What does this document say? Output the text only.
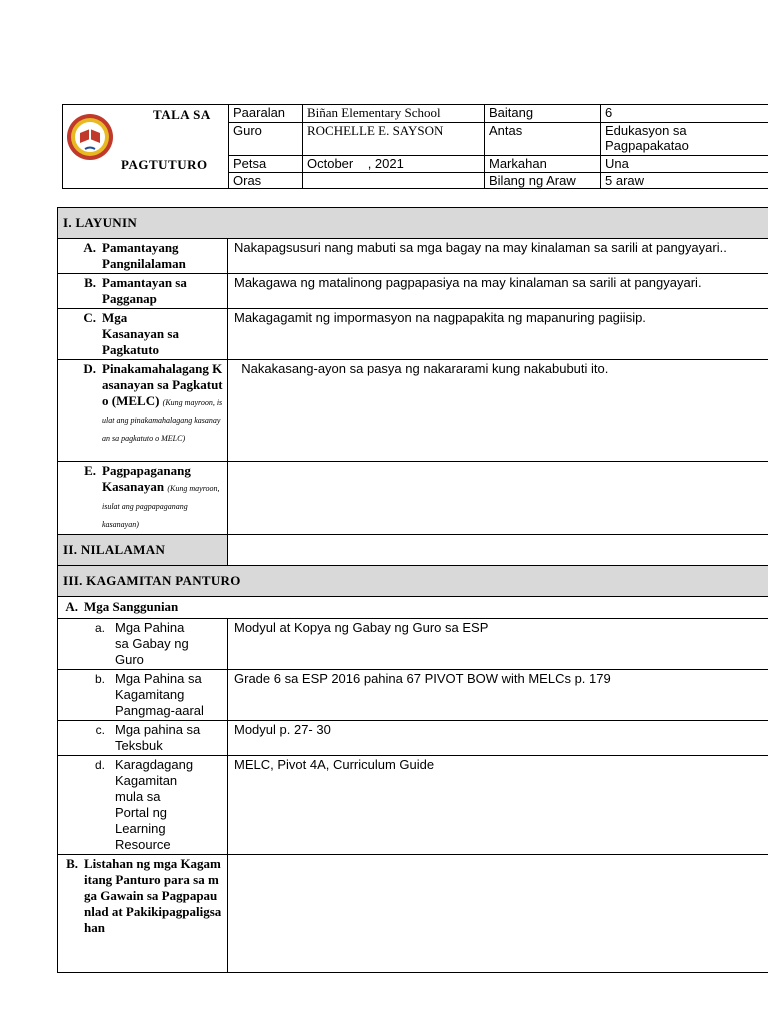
TALA SA
PAGTUTURO	Paaralan	Biñan Elementary School	Baitang	6
	Guro	ROCHELLE E. SAYSON	Antas	Edukasyon sa Pagpapakatao
	Petsa	October    , 2021	Markahan	Una
	Oras		Bilang ng Araw	5 araw
I. LAYUNIN	

A. Pamantayang Pangnilalaman	Nakapagsusuri nang mabuti sa mga bagay na may kinalaman sa sarili at pangyayari..

B. Pamantayan sa Pagganap	Makagawa ng matalinong pagpapasiya na may kinalaman sa sarili at pangyayari.

C. Mga Kasanayan sa Pagkatuto	Makagagamit ng impormasyon na nagpapakita ng mapanuring pagiisip.

D. Pinakamahalagang Kasanayan sa Pagkatuto (MELC) (Kung mayroon, isulat ang pinakamahalagang kasanayan sa pagkatuto o MELC)	Nakakasang-ayon sa pasya ng nakararami kung nakabubuti ito.

E. Pagpapaganang Kasanayan (Kung mayroon, isulat ang pagpapaganang kasanayan)	

II. NILALAMAN	
III. KAGAMITAN PANTURO	

A. Mga Sanggunian	

a. Mga Pahina sa Gabay ng Guro	Modyul at Kopya ng Gabay ng Guro sa ESP

b. Mga Pahina sa Kagamitang Pangmag-aaral	Grade 6 sa ESP 2016 pahina 67 PIVOT BOW with MELCs p. 179

c. Mga pahina sa Teksbuk	Modyul p. 27- 30

d. Karagdagang Kagamitan mula sa Portal ng Learning Resource	MELC, Pivot 4A, Curriculum Guide

B. Listahan ng mga Kagamitang Panturo para sa mga Gawain sa Pagpapaunlad at Pakikipagpaligsahan	
